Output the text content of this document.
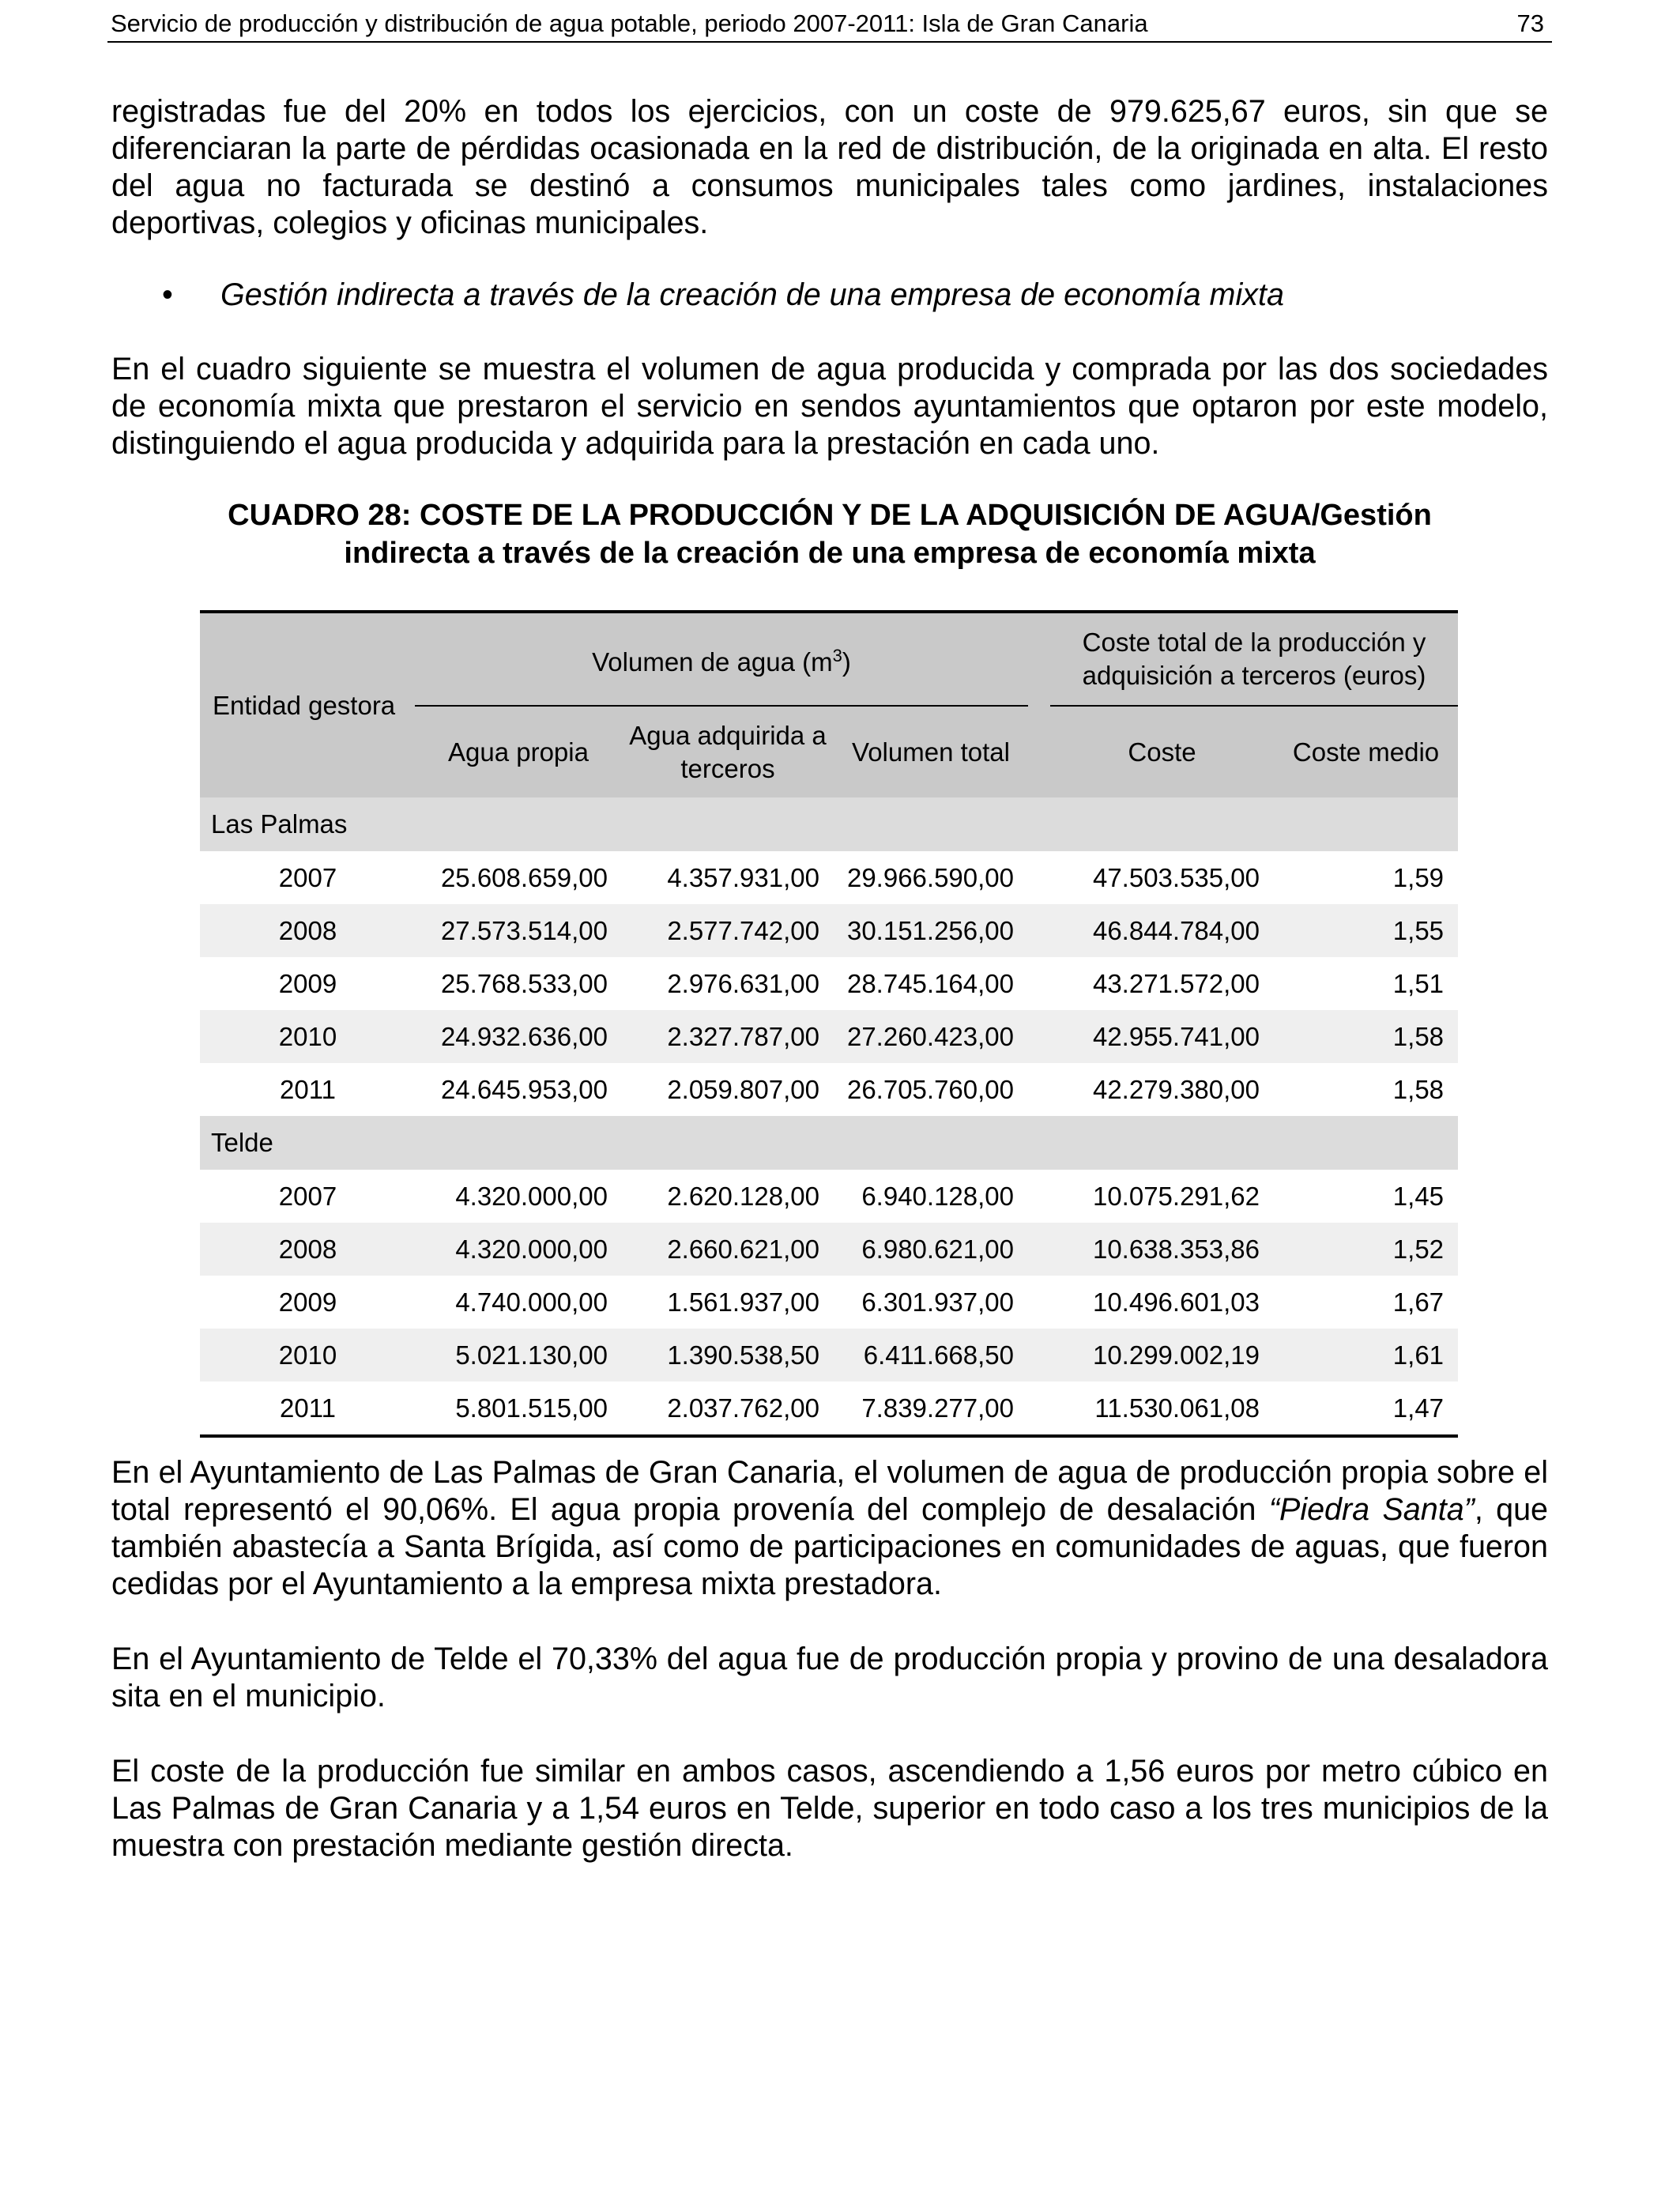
Servicio de producción y distribución de agua potable, periodo 2007-2011: Isla de Gran Canaria	73

registradas fue del 20% en todos los ejercicios, con un coste de 979.625,67 euros, sin que se diferenciaran la parte de pérdidas ocasionada en la red de distribución, de la originada en alta. El resto del agua no facturada se destinó a consumos municipales tales como jardines, instalaciones deportivas, colegios y oficinas municipales.

• Gestión indirecta a través de la creación de una empresa de economía mixta

En el cuadro siguiente se muestra el volumen de agua producida y comprada por las dos sociedades de economía mixta que prestaron el servicio en sendos ayuntamientos que optaron por este modelo, distinguiendo el agua producida y adquirida para la prestación en cada uno.

CUADRO 28: COSTE DE LA PRODUCCIÓN Y DE LA ADQUISICIÓN DE AGUA/Gestión
indirecta a través de la creación de una empresa de economía mixta
Entidad gestora	Volumen de agua $(m^3)$				Coste total de la producción y
adquisición a terceros (euros)	

	Agua propia	Agua adquirida a
terceros	Volumen total		Coste	Coste medio
Las Palmas						
2007	25.608.659,00	4.357.931,00	29.966.590,00		47.503.535,00	1,59
2008	27.573.514,00	2.577.742,00	30.151.256,00		46.844.784,00	1,55
2009	25.768.533,00	2.976.631,00	28.745.164,00		43.271.572,00	1,51
2010	24.932.636,00	2.327.787,00	27.260.423,00		42.955.741,00	1,58
2011	24.645.953,00	2.059.807,00	26.705.760,00		42.279.380,00	1,58
Telde						
2007	4.320.000,00	2.620.128,00	6.940.128,00		10.075.291,62	1,45
2008	4.320.000,00	2.660.621,00	6.980.621,00		10.638.353,86	1,52
2009	4.740.000,00	1.561.937,00	6.301.937,00		10.496.601,03	1,67
2010	5.021.130,00	1.390.538,50	6.411.668,50		10.299.002,19	1,61
2011	5.801.515,00	2.037.762,00	7.839.277,00		11.530.061,08	1,47

En el Ayuntamiento de Las Palmas de Gran Canaria, el volumen de agua de producción propia sobre el total representó el 90,06%. El agua propia provenía del complejo de desalación “Piedra Santa”, que también abastecía a Santa Brígida, así como de participaciones en comunidades de aguas, que fueron cedidas por el Ayuntamiento a la empresa mixta prestadora.

En el Ayuntamiento de Telde el 70,33% del agua fue de producción propia y provino de una desaladora sita en el municipio.

El coste de la producción fue similar en ambos casos, ascendiendo a 1,56 euros por metro cúbico en Las Palmas de Gran Canaria y a 1,54 euros en Telde, superior en todo caso a los tres municipios de la muestra con prestación mediante gestión directa.
